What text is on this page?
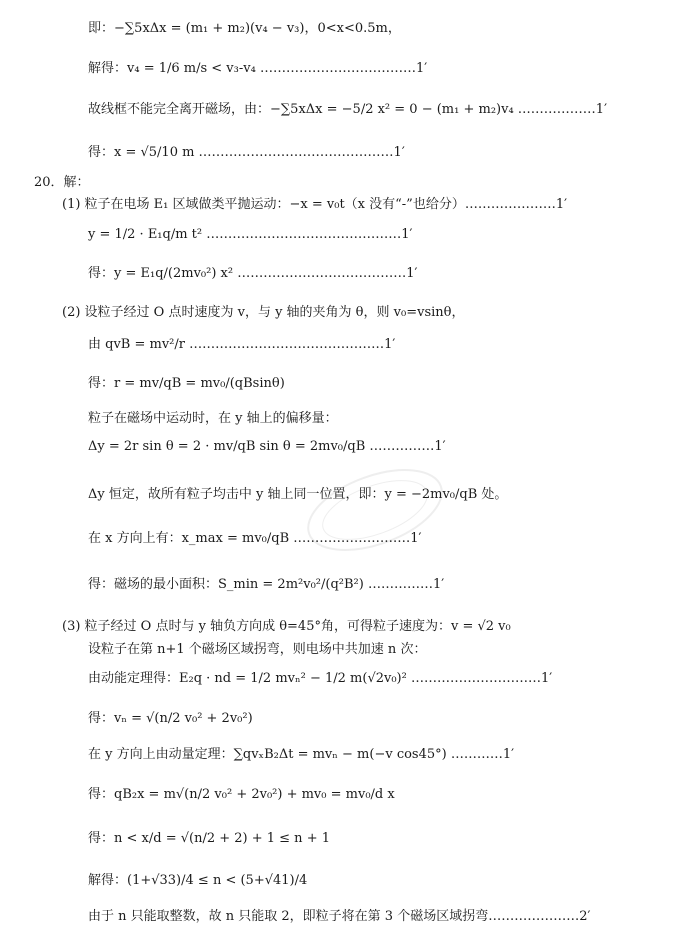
即：−∑5xΔx = (m₁ + m₂)(v₄ − v₃)，0<x<0.5m，
解得：v₄ = 1/6 m/s < v₃-v₄ ………………………………1′
故线框不能完全离开磁场，由：−∑5xΔx = −5/2 x² = 0 − (m₁ + m₂)v₄ ………………1′
得：x = √5/10 m ………………………………………1′
20．解：
(1) 粒子在电场 E₁ 区域做类平抛运动：−x = v₀t（x 没有“-”也给分）…………………1′
y = 1/2 · E₁q/m t² ………………………………………1′
得：y = E₁q/(2mv₀²) x² …………………………………1′
(2) 设粒子经过 O 点时速度为 v，与 y 轴的夹角为 θ，则 v₀=vsinθ，
由 qvB = mv²/r ………………………………………1′
得：r = mv/qB = mv₀/(qBsinθ)
粒子在磁场中运动时，在 y 轴上的偏移量：
Δy = 2r sin θ = 2 · mv/qB sin θ = 2mv₀/qB ……………1′
Δy 恒定，故所有粒子均击中 y 轴上同一位置，即：y = −2mv₀/qB 处。
在 x 方向上有：x_max = mv₀/qB ………………………1′
得：磁场的最小面积：S_min = 2m²v₀²/(q²B²) ……………1′
(3) 粒子经过 O 点时与 y 轴负方向成 θ=45°角，可得粒子速度为：v = √2 v₀
设粒子在第 n+1 个磁场区域拐弯，则电场中共加速 n 次：
由动能定理得：E₂q · nd = 1/2 mvₙ² − 1/2 m(√2v₀)² …………………………1′
得：vₙ = √(n/2 v₀² + 2v₀²)
在 y 方向上由动量定理：∑qvₓB₂Δt = mvₙ − m(−v cos45°) …………1′
得：qB₂x = m√(n/2 v₀² + 2v₀²) + mv₀ = mv₀/d x
得：n < x/d = √(n/2 + 2) + 1 ≤ n + 1
解得：(1+√33)/4 ≤ n < (5+√41)/4
由于 n 只能取整数，故 n 只能取 2，即粒子将在第 3 个磁场区域拐弯…………………2′
